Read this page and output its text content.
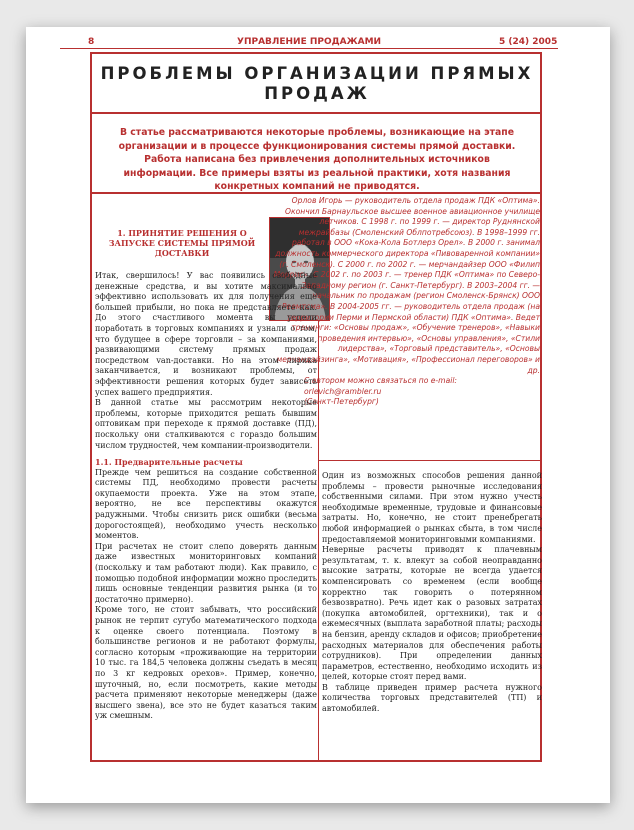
8	УПРАВЛЕНИЕ ПРОДАЖАМИ	5 (24) 2005
ПРОБЛЕМЫ ОРГАНИЗАЦИИ ПРЯМЫХ ПРОДАЖ
В статье рассматриваются некоторые проблемы, возникающие на этапе организации и в процессе функционирования системы прямой доставки. Работа написана без привлечения дополнительных источников информации. Все примеры взяты из реальной практики, хотя названия конкретных компаний не приводятся.

Орлов Игорь — руководитель отдела продаж ПДК «Оптима». Окончил Барнаульское высшее военное авиационное училище летчиков. С 1998 г. по 1999 г. — директор Руднянской межрайбазы (Смоленский Облпотребсоюз). В 1998–1999 гг. работал в ООО «Кока-Кола Ботлерз Орел». В 2000 г. занимал должность коммерческого директора «Пивоваренной компании» (г. Смоленск). С 2000 г. по 2002 г. — мерчандайзер ООО «Филип Моррис». С 2002 г. по 2003 г. — тренер ПДК «Оптима» по Северо-Западному регион (г. Санкт-Петербург). В 2003–2004 гг. — начальник по продажам (регион Смоленск-Брянск) ООО «Реемтсма». В 2004-2005 гг. — руководитель отдела продаж (на территории Перми и Пермской области) ПДК «Оптима». Ведет тренинги: «Основы продаж», «Обучение тренеров», «Навыки проведения интервью», «Основы управления», «Стили лидерства», «Торговый представитель», «Основы мерчандайзинга», «Мотивация», «Профессионал переговоров» и др.

С автором можно связаться по e-mail:

orlevich@rambler.ru

(Санкт-Петербург)

1. ПРИНЯТИЕ РЕШЕНИЯ О ЗАПУСКЕ СИСТЕМЫ ПРЯМОЙ ДОСТАВКИ

Итак, свершилось! У вас появились свободные денежные средства, и вы хотите максимально эффективно использовать их для получения еще большей прибыли, но пока не представляете как. До этого счастливого момента вы успели поработать в торговых компаниях и узнали о том, что будущее в сфере торговли – за компаниями, развивающими систему прямых продаж посредством van-доставки. Но на этом лирика заканчивается, и возникают проблемы, от эффективности решения которых будет зависеть успех вашего предприятия.

В данной статье мы рассмотрим некоторые проблемы, которые приходится решать бывшим оптовикам при переходе к прямой доставке (ПД), поскольку они сталкиваются с гораздо большим числом трудностей, чем компании-производители.

1.1. Предварительные расчеты

Прежде чем решиться на создание собственной системы ПД, необходимо провести расчеты окупаемости проекта. Уже на этом этапе, вероятно, не все перспективы окажутся радужными. Чтобы снизить риск ошибки (весьма дорогостоящей), необходимо учесть несколько моментов.

При расчетах не стоит слепо доверять данным даже известных мониторинговых компаний (поскольку и там работают люди). Как правило, с помощью подобной информации можно проследить лишь основные тенденции развития рынка (и то достаточно примерно).

Кроме того, не стоит забывать, что российский рынок не терпит сугубо математического подхода к оценке своего потенциала. Поэтому в большинстве регионов и не работают формулы, согласно которым «проживающие на территории 10 тыс. га 184,5 человека должны съедать в месяц по 3 кг кедровых орехов». Пример, конечно, шуточный, но, если посмотреть, какие методы расчета применяют некоторые менеджеры (даже высшего звена), все это не будет казаться таким уж смешным.

Один из возможных способов решения данной проблемы – провести рыночные исследования собственными силами. При этом нужно учесть необходимые временные, трудовые и финансовые затраты. Но, конечно, не стоит пренебрегать любой информацией о рынках сбыта, в том числе предоставляемой мониторинговыми компаниями.

Неверные расчеты приводят к плачевным результатам, т. к. влекут за собой неоправданно высокие затраты, которые не всегда удается компенсировать со временем (если вообще корректно так говорить о потерянном безвозвратно). Речь идет как о разовых затратах (покупка автомобилей, оргтехники), так и о ежемесячных (выплата заработной платы; расходы на бензин, аренду складов и офисов; приобретение расходных материалов для обеспечения работы сотрудников). При определении данных параметров, естественно, необходимо исходить из целей, которые стоят перед вами.

В таблице приведен пример расчета нужного количества торговых представителей (ТП) и автомобилей.
